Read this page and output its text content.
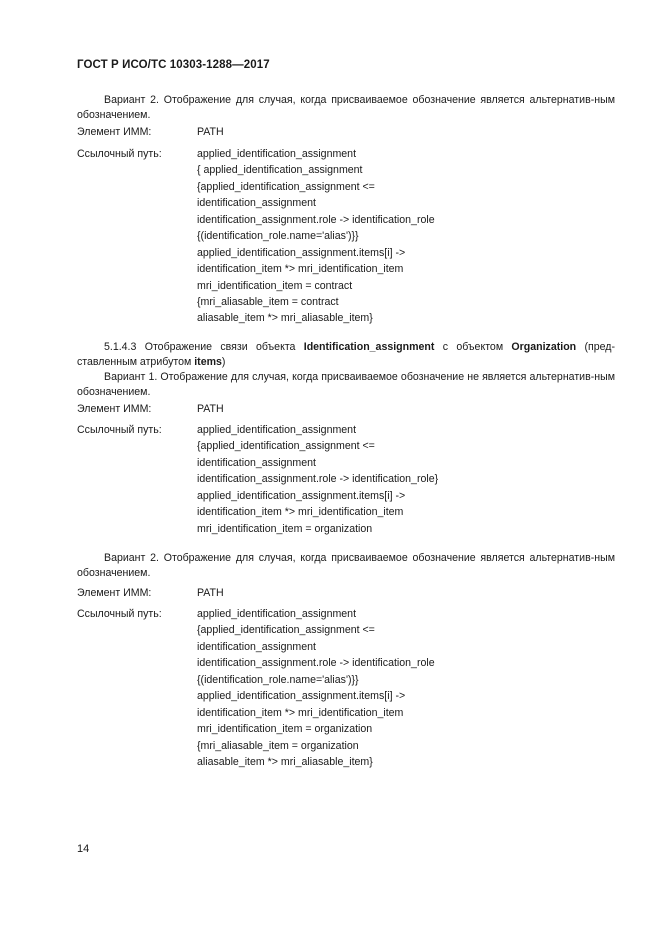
ГОСТ Р ИСО/ТС 10303-1288—2017
Вариант 2. Отображение для случая, когда присваиваемое обозначение является альтернатив-ным обозначением.
Элемент ИММ:	PATH
Ссылочный путь:	applied_identification_assignment
{ applied_identification_assignment
{applied_identification_assignment <=
identification_assignment
identification_assignment.role -> identification_role
{(identification_role.name='alias')}}
applied_identification_assignment.items[i] ->
identification_item *> mri_identification_item
mri_identification_item = contract
{mri_aliasable_item = contract
aliasable_item *> mri_aliasable_item}
5.1.4.3 Отображение связи объекта Identification_assignment с объектом Organization (пред-ставленным атрибутом items)
Вариант 1. Отображение для случая, когда присваиваемое обозначение не является альтернатив-ным обозначением.
Элемент ИММ:	PATH
Ссылочный путь:	applied_identification_assignment
{applied_identification_assignment <=
identification_assignment
identification_assignment.role -> identification_role}
applied_identification_assignment.items[i] ->
identification_item *> mri_identification_item
mri_identification_item = organization
Вариант 2. Отображение для случая, когда присваиваемое обозначение является альтернатив-ным обозначением.
Элемент ИММ:	PATH
Ссылочный путь:	applied_identification_assignment
{applied_identification_assignment <=
identification_assignment
identification_assignment.role -> identification_role
{(identification_role.name='alias')}}
applied_identification_assignment.items[i] ->
identification_item *> mri_identification_item
mri_identification_item = organization
{mri_aliasable_item = organization
aliasable_item *> mri_aliasable_item}
14
